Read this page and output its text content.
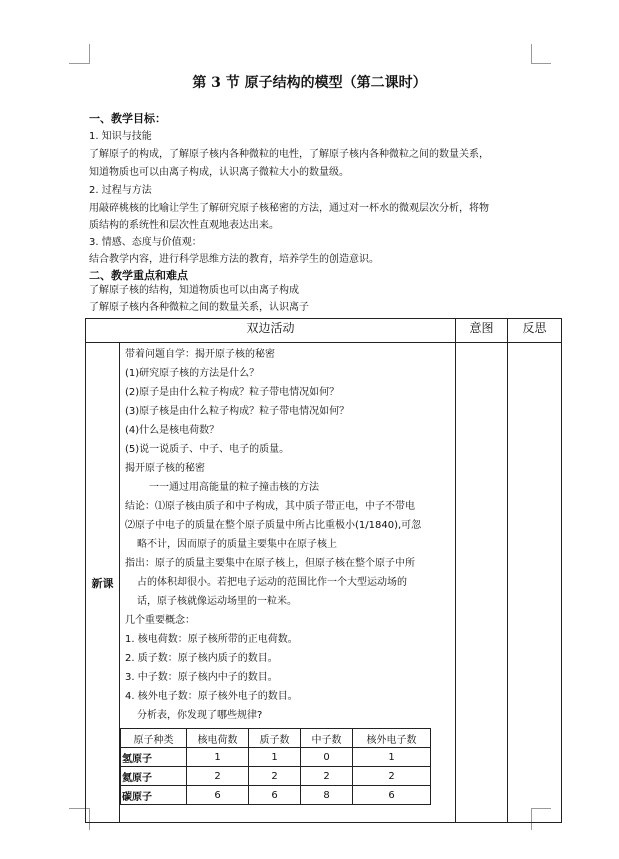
第 3 节 原子结构的模型（第二课时）
一、教学目标：
1. 知识与技能
了解原子的构成，了解原子核内各种微粒的电性，了解原子核内各种微粒之间的数量关系，
知道物质也可以由离子构成，认识离子微粒大小的数量级。
2. 过程与方法
用敲碎桃核的比喻让学生了解研究原子核秘密的方法，通过对一杯水的微观层次分析，将物
质结构的系统性和层次性直观地表达出来。
3. 情感、态度与价值观：
结合教学内容，进行科学思维方法的教育，培养学生的创造意识。
二、教学重点和难点
了解原子核的结构，知道物质也可以由离子构成
了解原子核内各种微粒之间的数量关系，认识离子
双边活动	意图	反思
新课	
带着问题自学：揭开原子核的秘密
(1)研究原子核的方法是什么？
(2)原子是由什么粒子构成？粒子带电情况如何？
(3)原子核是由什么粒子构成？粒子带电情况如何？
(4)什么是核电荷数？
(5)说一说质子、中子、电子的质量。
揭开原子核的秘密
一一通过用高能量的粒子撞击核的方法
结论：⑴原子核由质子和中子构成，其中质子带正电，中子不带电
⑵原子中电子的质量在整个原子质量中所占比重极小(1/1840),可忽
略不计，因而原子的质量主要集中在原子核上
指出：原子的质量主要集中在原子核上，但原子核在整个原子中所
占的体积却很小。若把电子运动的范围比作一个大型运动场的
话，原子核就像运动场里的一粒米。
几个重要概念：
1. 核电荷数：原子核所带的正电荷数。
2. 质子数：原子核内质子的数目。
3. 中子数：原子核内中子的数目。
4. 核外电子数：原子核外电子的数目。
分析表，你发现了哪些规律?
原子种类	核电荷数	质子数	中子数	核外电子数
氢原子	1	1	0	1
氦原子	2	2	2	2
碳原子	6	6	8	6
